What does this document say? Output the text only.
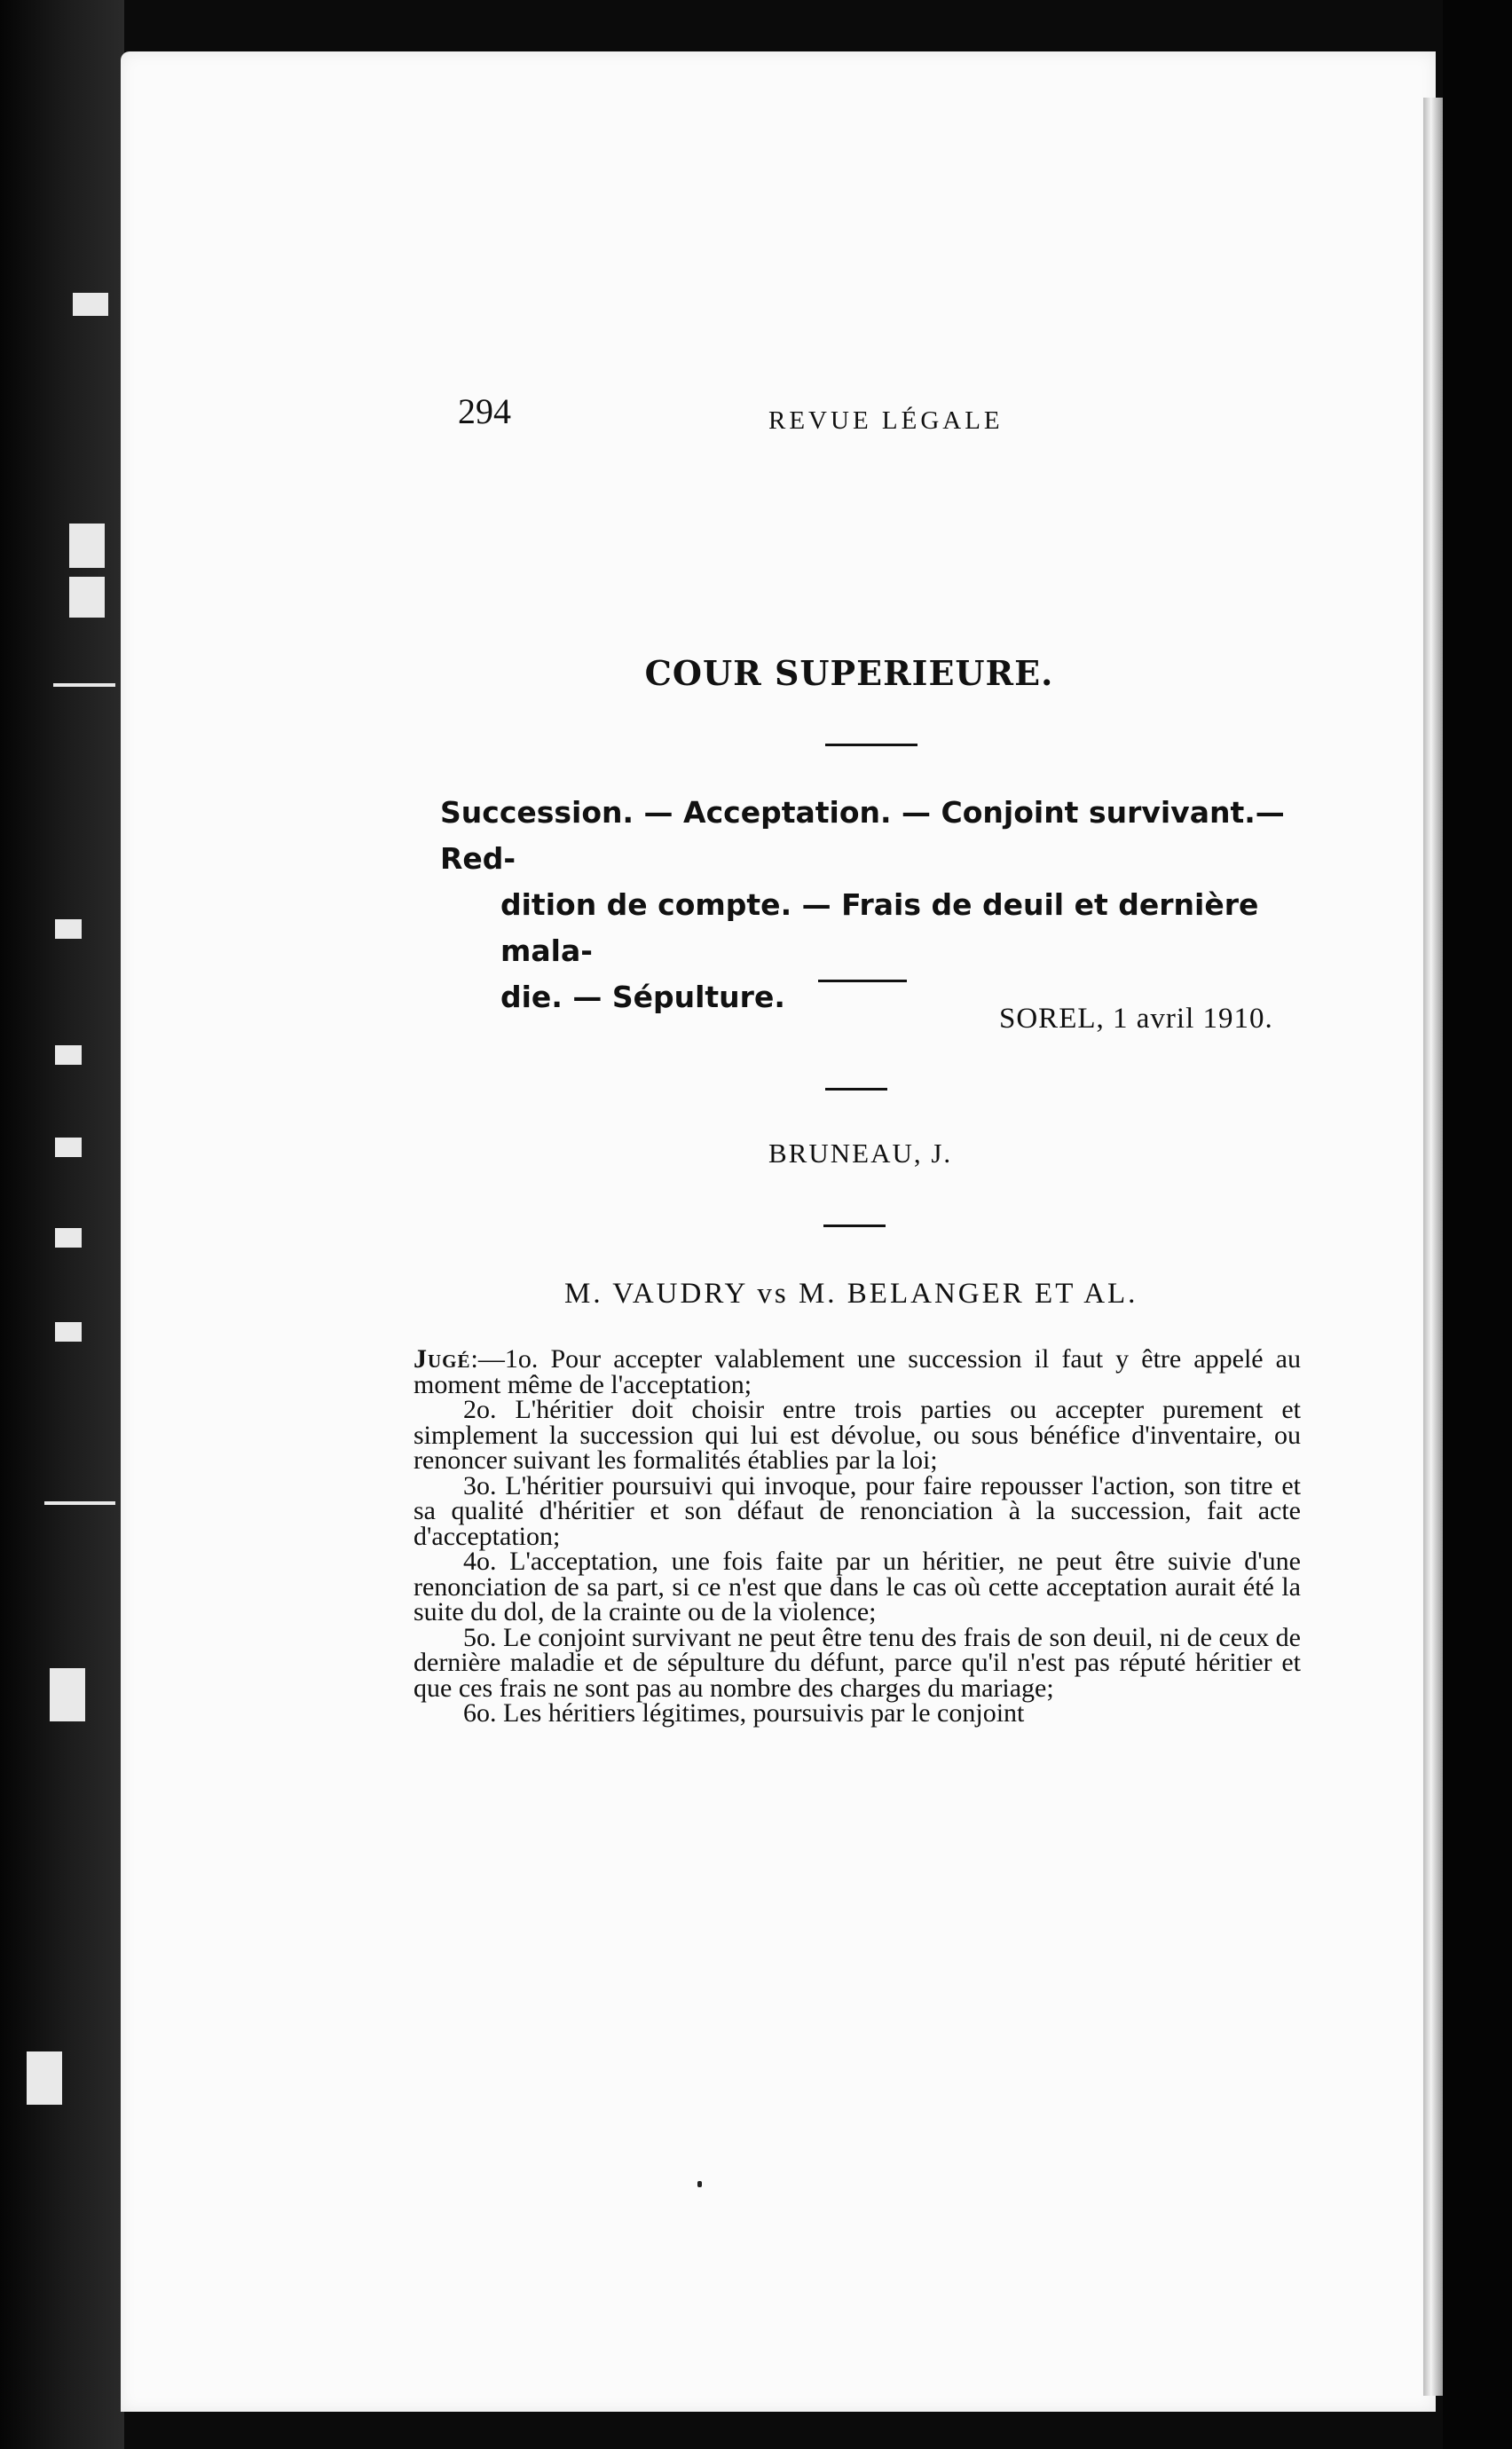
294	REVUE LÉGALE
COUR SUPERIEURE.
Succession. — Acceptation. — Conjoint survivant.—Red-
dition de compte. — Frais de deuil et dernière mala-
die. — Sépulture.
SOREL, 1 avril 1910.
BRUNEAU, J.
M. VAUDRY vs M. BELANGER ET AL.

Jugé:—1o. Pour accepter valablement une succession il faut y être appelé au moment même de l'acceptation;

2o. L'héritier doit choisir entre trois parties ou accepter purement et simplement la succession qui lui est dévolue, ou sous bénéfice d'inventaire, ou renoncer suivant les formalités établies par la loi;

3o. L'héritier poursuivi qui invoque, pour faire repousser l'action, son titre et sa qualité d'héritier et son défaut de renonciation à la succession, fait acte d'acceptation;

4o. L'acceptation, une fois faite par un héritier, ne peut être suivie d'une renonciation de sa part, si ce n'est que dans le cas où cette acceptation aurait été la suite du dol, de la crainte ou de la violence;

5o. Le conjoint survivant ne peut être tenu des frais de son deuil, ni de ceux de dernière maladie et de sépulture du défunt, parce qu'il n'est pas réputé héritier et que ces frais ne sont pas au nombre des charges du mariage;

6o. Les héritiers légitimes, poursuivis par le conjoint
